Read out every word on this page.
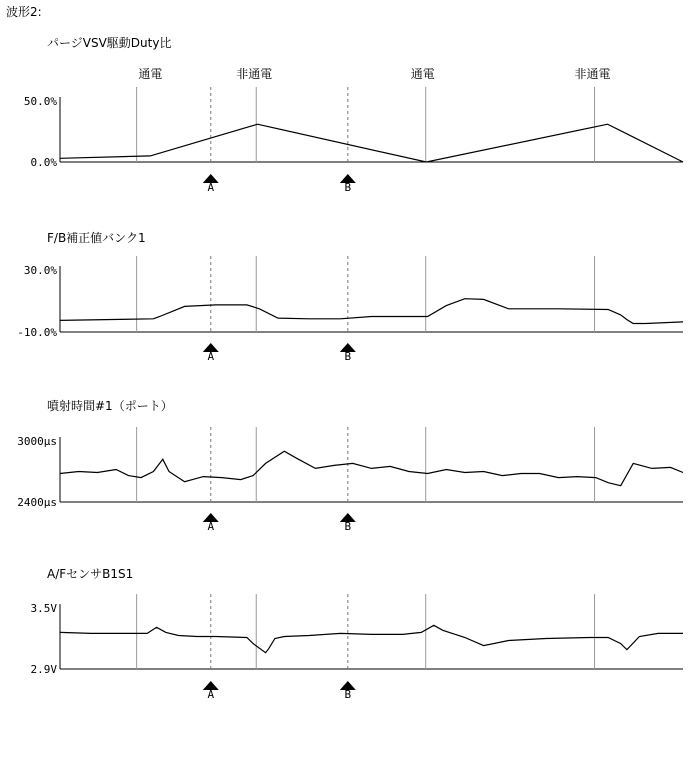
波形2:
パージVSV駆動Duty比
通電	非通電	通電	非通電
50.0%
0.0%
A	B
F/B補正値バンク1
30.0%
-10.0%
A	B
噴射時間#1（ポート）
3000μs
2400μs
A	B
A/FセンサB1S1
3.5V
2.9V
A	B
